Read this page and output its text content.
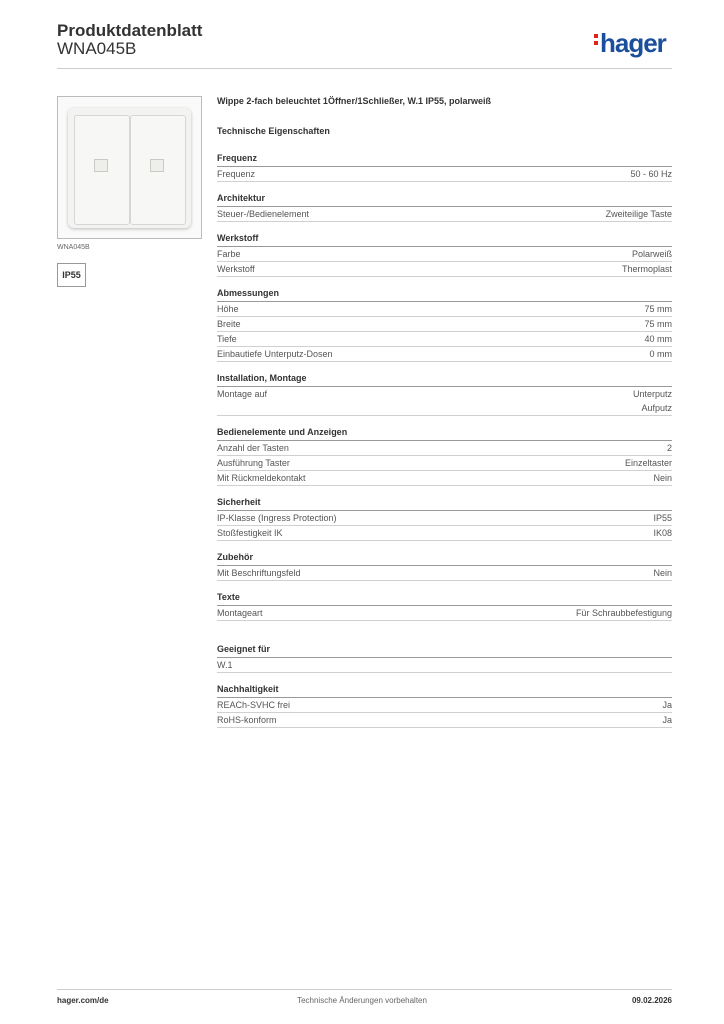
Produktdatenblatt
WNA045B	hager
WNA045B
IP55
Wippe 2-fach beleuchtet 1Öffner/1Schließer, W.1 IP55, polarweiß
Technische Eigenschaften
Frequenz
Frequenz	50 - 60 Hz
Architektur
Steuer-/Bedienelement	Zweiteilige Taste
Werkstoff
Farbe	Polarweiß
Werkstoff	Thermoplast
Abmessungen
Höhe	75 mm
Breite	75 mm
Tiefe	40 mm
Einbautiefe Unterputz-Dosen	0 mm
Installation, Montage
Montage auf	Unterputz
Aufputz
Bedienelemente und Anzeigen
Anzahl der Tasten	2
Ausführung Taster	Einzeltaster
Mit Rückmeldekontakt	Nein
Sicherheit
IP-Klasse (Ingress Protection)	IP55
Stoßfestigkeit IK	IK08
Zubehör
Mit Beschriftungsfeld	Nein
Texte
Montageart	Für Schraubbefestigung
Geeignet für
W.1
Nachhaltigkeit
REACh-SVHC frei	Ja
RoHS-konform	Ja
hager.com/de	Technische Änderungen vorbehalten	09.02.2026
